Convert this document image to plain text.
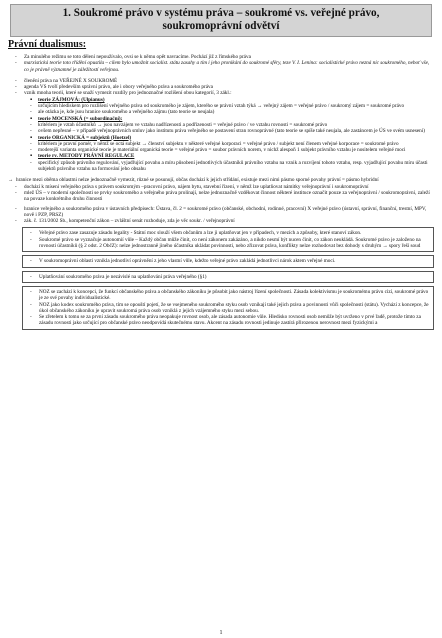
1. Soukromé právo v systému práva – soukromé vs. veřejné právo,
soukromoprávní odvětví
Právní dualismus:
- Za minulého režimu se toto dělení nepoužívalo, ovsi se k němu opět navracíme. Pochází již z římského práva
- marxistická teorie toto třídění opustila – cílem bylo umožnit socialist. státu zasahy a tím i jeho pronikání do soukromé sféry, teze V. I. Lenina: socialistické právo nezná nic soukromého, neboť vše, co je právně významné je záležitostí veřejnou.
- členění práva na VEŘEJNÉ X SOUKROMÉ
- agenda VS tvoří především správní právo, ale i obory veřejného práva a soukromého práva
- vznik mnoha teorií, které se snaží vymezit rozdíly pro jednoznačné rozlišení obou kategorií, 3 zákl.:
▪ teorie ZÁJMOVÁ: (Ulpianus)
- určujícím hlediskem pro rozlišení veřejného práva od soukromého je zájem, kterého se právní vztah týká → veřejný zájem = veřejné právo / soukromý zájem = soukromé právo
- ale otázka je, kde jsou hranice soukromého a veřejného zájmu (tato teorie se neujala)
▪ teorie MOCENSKÁ (= subordinační):
- kritériem je vztah účastníků → jsou navzájem ve vztahu nadřízenosti a podřízenosti = veřejné právo / ve vztahu rovnosti = soukromé právo
- ovšem nepřesné – v případě veřejnoprávních smluv jako institutu práva veřejného se postavení stran rovnoprávné (tato teorie se spíše také neujala, ale zastáncem je ÚS ve svém usnesení)
▪ teorie ORGANICKÁ = subjektů (Hoetzel)
- kritériem je pravní pomér, v němž se octá subjekt → členství subjektu v některé veřejné korporaci = veřejné právo / subjekt není členem veřejné korporace = soukromé právo
- moderejší varianta organické teorie je materiální organická teorie = veřejné právo = soubor právních norem, v nichž alespoň 1 subjekt právního vztahu je nositelem veřejné moci
▪ teorie rv. METODY PRÁVNÍ REGULACE
- specifický způsob právního regulování, vyjadřující povahu a míru působení jednotlivých účastníků právního vztahu na vznik a rozvíjení tohoto vztahu, resp. vyjadřující povahu míru účasti subjektů právního vztahu na formování jeho obsahu
→ hranice mezi oběma oblastmi nelze jednoznačně vymezit, různé se posunují, občas dochází k jejich střídání, existuje mezi nimi pásmo sporné povahy právní = pásmo hybridní
- dochází k mísení veřejného práva s právem soukromým –pracovní právo, nájem bytu, stavební řízení, v němž lze uplatňovat námitky veřejnoprávní i soukromoprávní
- mlež ÚS – v moderní společnosti se prvky soukromého a veřejného práva prolínají, nelze jednoznačně vzděkovat činnost některé instituce označit pouze za veřejnoprávní / soukromoprávní, zaleží na povaze konkrétního druhu činnosti
- hranice veřejného a soukromého práva v ústavních předpisech: Ústava, čl. 2 = soukromé právo (občanské, obchodní, rodinné, pracovní) X veřejné právo (ústavní, správní, finanční, trestní, MPV, nově i PZP, PRSZ)
- zák. č. 131/2002 Sb., kompetenční zákon – zvláštní senát rozhoduje, zda je věc soukr. / veřejnoprávní
- Veřejné právo zase zasazuje zásadu legality - Státní moc slouží všem občanům a lze ji uplatňovat jen v případech, v mezích a způsoby, které stanoví zákon.
- Soukromé právo se vyznačuje autonomií vůle – Každý občan může činit, co není zákonem zakázáno, a nikdo nesmí být nucen činit, co zákon neukládá. Soukromé právo je založeno na rovnosti účastníků (§ 2 odst. 2 ObčZ): nelze jednostranně jiného účastníka ukládat povinnosti, nebo zřizovat práva, konflikty nelze rozhodovat bez dohody s druhým → spory řeší soud
- V soukromoprávní oblasti vznikla jednotliví oprávnění z jeho vlastní vůle, kdežto veřejné právo zakládá jednotlivci nárok aktem veřejné moci.
- Uplatňování soukromého práva je nezávislé na uplatňování práva veřejného (§1)
- NOZ se zachází k koncepci, že funkcí občanského práva a občanského zákoníku je působit jako nástroj řízení společnosti. Zásada kolektivismu je soukromému právu cizí, soukromé právo je ze své povahy individualistické.
- NOZ jako kodex soukromého práva, tím se opouští pojetí, že se vsejmeného soukromého styku osob vznikají také jejich práva a povinnosti vůči společnosti (státu). Vychází z koncepce, že úkol občanského zákoníku je upravit soukromá práva osob vzniklá z jejich vzájemného styku mezi sebou.
- Se zřetelem k tomu se za první zásadu soukromého práva neopakuje rovnost osob, ale zásada autonomie vůle. Hledisko rovnosti osob nemůže být uvrženo v prvé řadě, protože tímto za zásadu rovnosti jako určující pro občanské právo neodpovídá skutečnému stavu. Akcent na zásadu rovnosti jedinuje zastírá přirozenou nerovnost mezi fyzickými a
1
